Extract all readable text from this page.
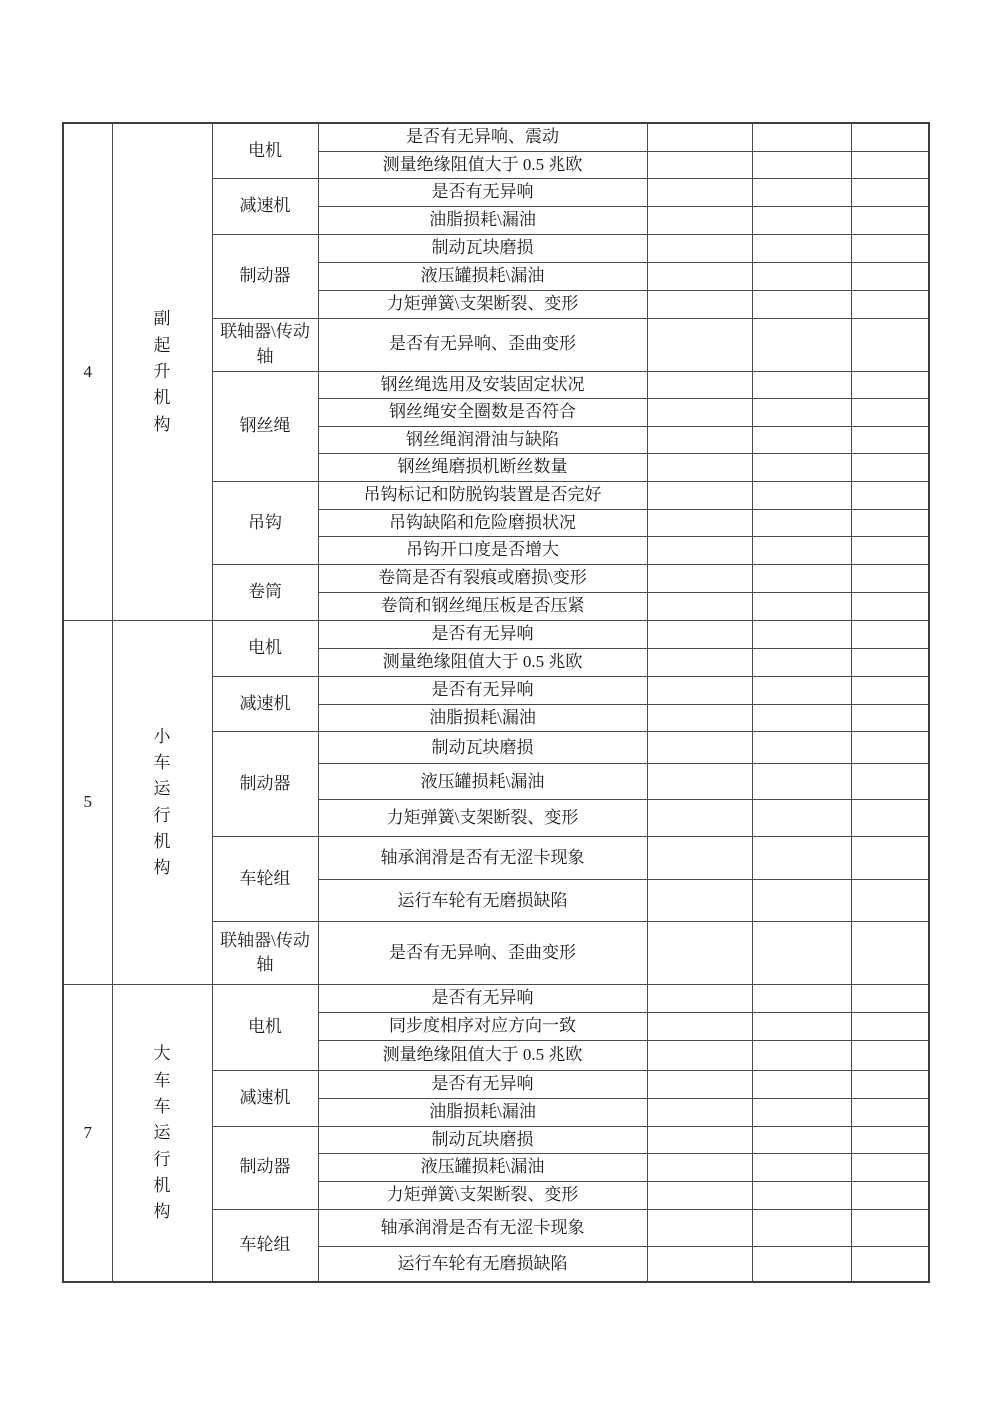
4	副起升机构	电机	是否有无异响、震动			
			测量绝缘阻值大于 0.5 兆欧			
		减速机	是否有无异响			
			油脂损耗\漏油			
		制动器	制动瓦块磨损			
			液压罐损耗\漏油			
			力矩弹簧\支架断裂、变形			
		联轴器\传动轴	是否有无异响、歪曲变形			
		钢丝绳	钢丝绳选用及安装固定状况			
			钢丝绳安全圈数是否符合			
			钢丝绳润滑油与缺陷			
			钢丝绳磨损机断丝数量			
		吊钩	吊钩标记和防脱钩装置是否完好			
			吊钩缺陷和危险磨损状况			
			吊钩开口度是否增大			
		卷筒	卷筒是否有裂痕或磨损\变形			
			卷筒和钢丝绳压板是否压紧			
5	小车运行机构	电机	是否有无异响			
			测量绝缘阻值大于 0.5 兆欧			
		减速机	是否有无异响			
			油脂损耗\漏油			
		制动器	制动瓦块磨损			
			液压罐损耗\漏油			
			力矩弹簧\支架断裂、变形			
		车轮组	轴承润滑是否有无涩卡现象			
			运行车轮有无磨损缺陷			
		联轴器\传动轴	是否有无异响、歪曲变形			
7	大车车运行机构	电机	是否有无异响			
			同步度相序对应方向一致			
			测量绝缘阻值大于 0.5 兆欧			
		减速机	是否有无异响			
			油脂损耗\漏油			
		制动器	制动瓦块磨损			
			液压罐损耗\漏油			
			力矩弹簧\支架断裂、变形			
		车轮组	轴承润滑是否有无涩卡现象			
			运行车轮有无磨损缺陷			
